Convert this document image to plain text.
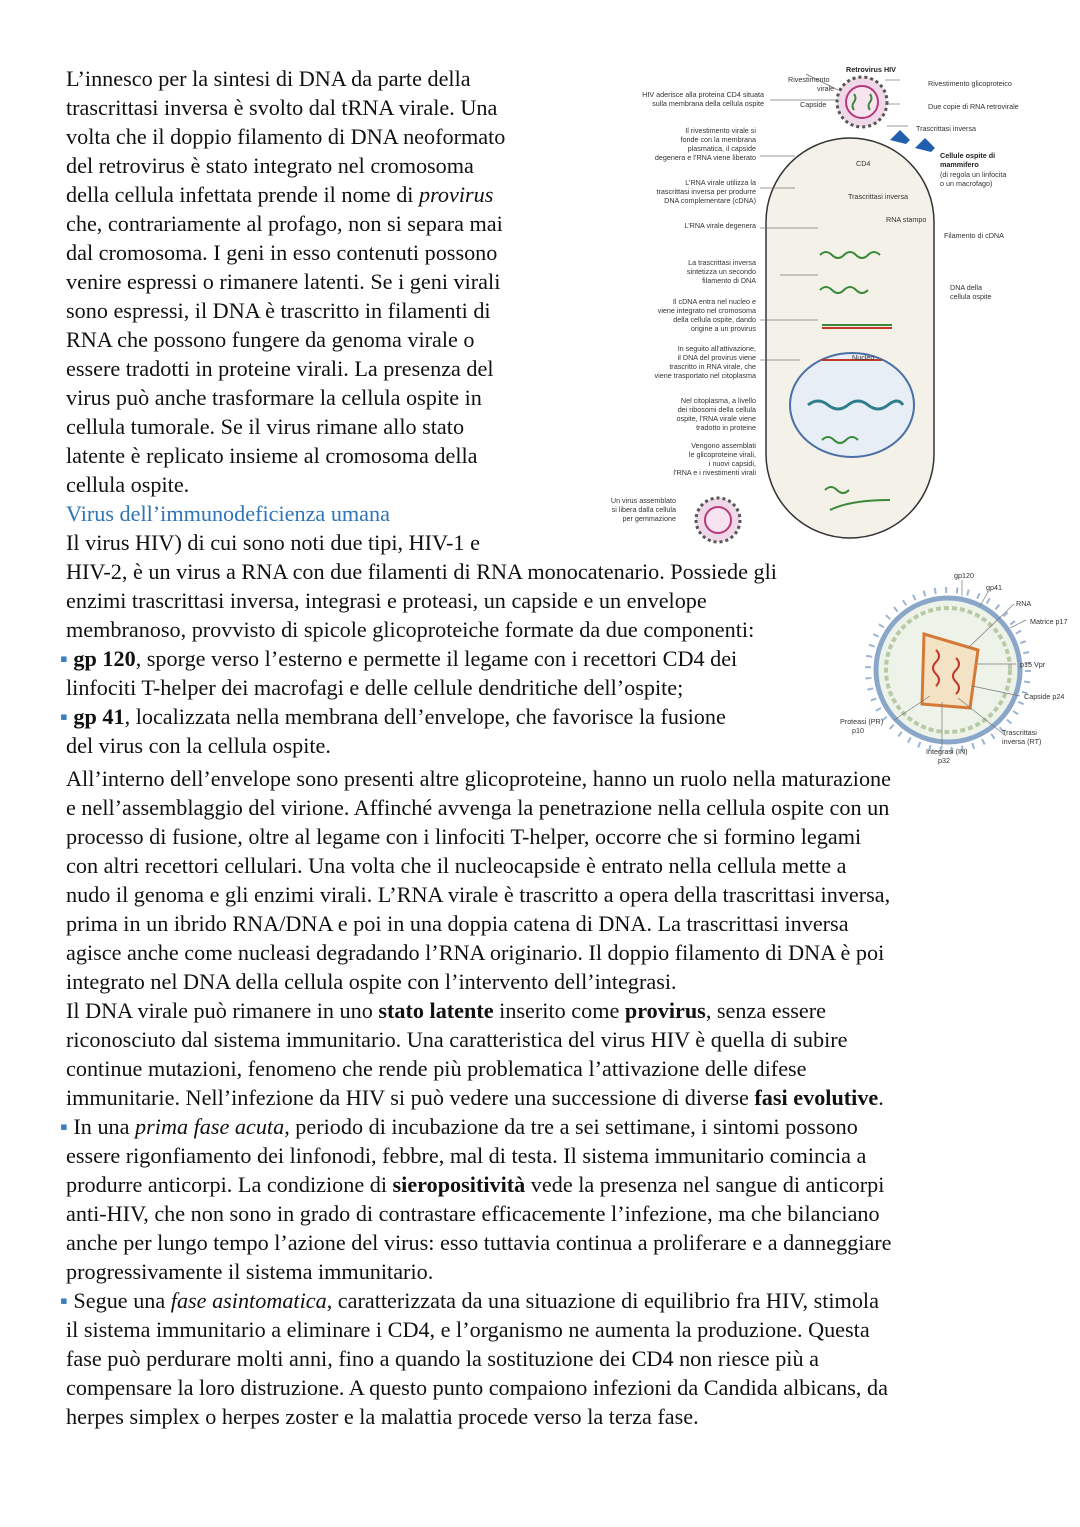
L’innesco per la sintesi di DNA da parte della
trascrittasi inversa è svolto dal tRNA virale. Una
volta che il doppio filamento di DNA neoformato
del retrovirus è stato integrato nel cromosoma
della cellula infettata prende il nome di provirus
che, contrariamente al profago, non si separa mai
dal cromosoma. I geni in esso contenuti possono
venire espressi o rimanere latenti. Se i geni virali
sono espressi, il DNA è trascritto in filamenti di
RNA che possono fungere da genoma virale o
essere tradotti in proteine virali. La presenza del
virus può anche trasformare la cellula ospite in
cellula tumorale. Se il virus rimane allo stato
latente è replicato insieme al cromosoma della
cellula ospite.
Virus dell’immunodeficienza umana
Il virus HIV) di cui sono noti due tipi, HIV-1 e
HIV-2, è un virus a RNA con due filamenti di RNA monocatenario. Possiede gli
enzimi trascrittasi inversa, integrasi e proteasi, un capside e un envelope
membranoso, provvisto di spicole glicoproteiche formate da due componenti:
▪ gp 120, sporge verso l’esterno e permette il legame con i recettori CD4 dei
linfociti T-helper dei macrofagi e delle cellule dendritiche dell’ospite;
▪ gp 41, localizzata nella membrana dell’envelope, che favorisce la fusione
del virus con la cellula ospite.
All’interno dell’envelope sono presenti altre glicoproteine, hanno un ruolo nella maturazione
e nell’assemblaggio del virione. Affinché avvenga la penetrazione nella cellula ospite con un
processo di fusione, oltre al legame con i linfociti T-helper, occorre che si formino legami
con altri recettori cellulari. Una volta che il nucleocapside è entrato nella cellula mette a
nudo il genoma e gli enzimi virali. L’RNA virale è trascritto a opera della trascrittasi inversa,
prima in un ibrido RNA/DNA e poi in una doppia catena di DNA. La trascrittasi inversa
agisce anche come nucleasi degradando l’RNA originario. Il doppio filamento di DNA è poi
integrato nel DNA della cellula ospite con l’intervento dell’integrasi.
Il DNA virale può rimanere in uno stato latente inserito come provirus, senza essere
riconosciuto dal sistema immunitario. Una caratteristica del virus HIV è quella di subire
continue mutazioni, fenomeno che rende più problematica l’attivazione delle difese
immunitarie. Nell’infezione da HIV si può vedere una successione di diverse fasi evolutive.
▪ In una prima fase acuta, periodo di incubazione da tre a sei settimane, i sintomi possono
essere rigonfiamento dei linfonodi, febbre, mal di testa. Il sistema immunitario comincia a
produrre anticorpi. La condizione di sieropositività vede la presenza nel sangue di anticorpi
anti-HIV, che non sono in grado di contrastare efficacemente l’infezione, ma che bilanciano
anche per lungo tempo l’azione del virus: esso tuttavia continua a proliferare e a danneggiare
progressivamente il sistema immunitario.
▪ Segue una fase asintomatica, caratterizzata da una situazione di equilibrio fra HIV, stimola
il sistema immunitario a eliminare i CD4, e l’organismo ne aumenta la produzione. Questa
fase può perdurare molti anni, fino a quando la sostituzione dei CD4 non riesce più a
compensare la loro distruzione. A questo punto compaiono infezioni da Candida albicans, da
herpes simplex o herpes zoster e la malattia procede verso la terza fase.
Retrovirus HIV
Rivestimento
virale
Capside
Rivestimento glicoproteico
Due copie di RNA retrovirale
Trascrittasi inversa
Cellule ospite di
mammifero
(di regola un linfocita
o un macrofago)
CD4
Trascrittasi inversa
RNA stampo
Filamento di cDNA
DNA della
cellula ospite
Nucleo
HIV aderisce alla proteina CD4 situata
sulla membrana della cellula ospite
Il rivestimento virale si
fonde con la membrana
plasmatica, il capside
degenera e l’RNA viene liberato
L’RNA virale utilizza la
trascrittasi inversa per produrre
DNA complementare (cDNA)
L’RNA virale degenera
La trascrittasi inversa
sintetizza un secondo
filamento di DNA
Il cDNA entra nel nucleo e
viene integrato nel cromosoma
della cellula ospite, dando
origine a un provirus
In seguito all’attivazione,
il DNA del provirus viene
trascritto in RNA virale, che
viene trasportato nel citoplasma
Nel citoplasma, a livello
dei ribosomi della cellula
ospite, l’RNA virale viene
tradotto in proteine
Vengono assemblati
le glicoproteine virali,
i nuovi capsidi,
l’RNA e i rivestimenti virali
Un virus assemblato
si libera dalla cellula
per gemmazione
gp120
gp41
RNA
Matrice p17
p15 Vpr
Capside p24
Trascrittasi
inversa (RT)
Integrasi (IN)
p32
Proteasi (PR)
p10
